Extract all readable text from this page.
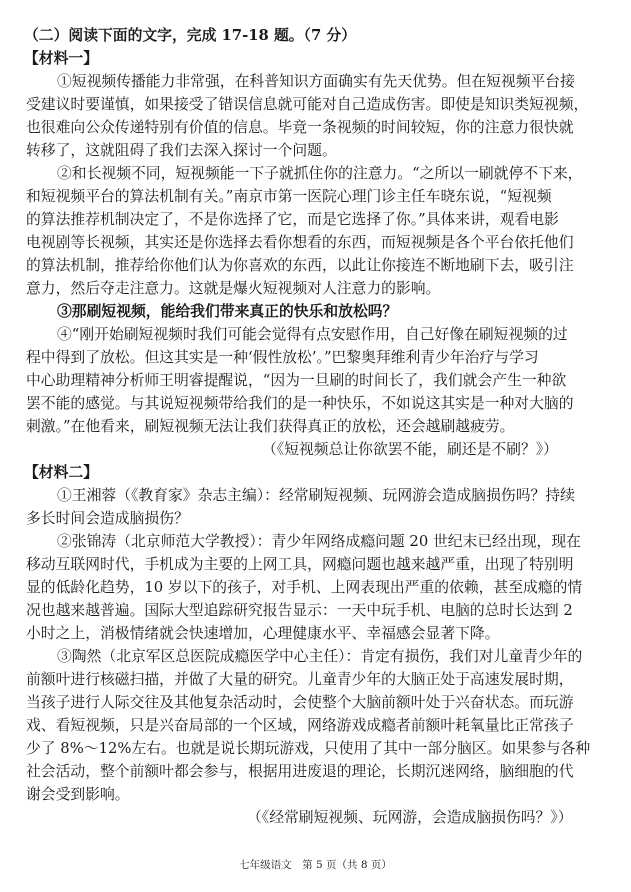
（二）阅读下面的文字，完成 17-18 题。（7 分）
【材料一】
①短视频传播能力非常强，在科普知识方面确实有先天优势。但在短视频平台接
受建议时要谨慎，如果接受了错误信息就可能对自己造成伤害。即使是知识类短视频，
也很难向公众传递特别有价值的信息。毕竟一条视频的时间较短，你的注意力很快就
转移了，这就阻碍了我们去深入探讨一个问题。
②和长视频不同，短视频能一下子就抓住你的注意力。“之所以一刷就停不下来，
和短视频平台的算法机制有关。”南京市第一医院心理门诊主任车晓东说，“短视频
的算法推荐机制决定了，不是你选择了它，而是它选择了你。”具体来讲，观看电影
电视剧等长视频，其实还是你选择去看你想看的东西，而短视频是各个平台依托他们
的算法机制，推荐给你他们认为你喜欢的东西，以此让你接连不断地刷下去，吸引注
意力，然后夺走注意力。这就是爆火短视频对人注意力的影响。
③那刷短视频，能给我们带来真正的快乐和放松吗？
④“刚开始刷短视频时我们可能会觉得有点安慰作用，自己好像在刷短视频的过
程中得到了放松。但这其实是一种‘假性放松’。”巴黎奥拜维利青少年治疗与学习
中心助理精神分析师王明睿提醒说，“因为一旦刷的时间长了，我们就会产生一种欲
罢不能的感觉。与其说短视频带给我们的是一种快乐，不如说这其实是一种对大脑的
刺激。”在他看来，刷短视频无法让我们获得真正的放松，还会越刷越疲劳。
（《短视频总让你欲罢不能，刷还是不刷？》）
【材料二】
①王湘蓉（《教育家》杂志主编）：经常刷短视频、玩网游会造成脑损伤吗？持续
多长时间会造成脑损伤？
②张锦涛（北京师范大学教授）：青少年网络成瘾问题 20 世纪末已经出现，现在
移动互联网时代，手机成为主要的上网工具，网瘾问题也越来越严重，出现了特别明
显的低龄化趋势，10 岁以下的孩子，对手机、上网表现出严重的依赖，甚至成瘾的情
况也越来越普遍。国际大型追踪研究报告显示：一天中玩手机、电脑的总时长达到 2
小时之上，消极情绪就会快速增加，心理健康水平、幸福感会显著下降。
③陶然（北京军区总医院成瘾医学中心主任）：肯定有损伤，我们对儿童青少年的
前额叶进行核磁扫描，并做了大量的研究。儿童青少年的大脑正处于高速发展时期，
当孩子进行人际交往及其他复杂活动时，会使整个大脑前额叶处于兴奋状态。而玩游
戏、看短视频，只是兴奋局部的一个区域，网络游戏成瘾者前额叶耗氧量比正常孩子
少了 8%～12%左右。也就是说长期玩游戏，只使用了其中一部分脑区。如果参与各种
社会活动，整个前额叶都会参与，根据用进废退的理论，长期沉迷网络，脑细胞的代
谢会受到影响。
（《经常刷短视频、玩网游，会造成脑损伤吗？》）
七年级语文　第 5 页（共 8 页）
